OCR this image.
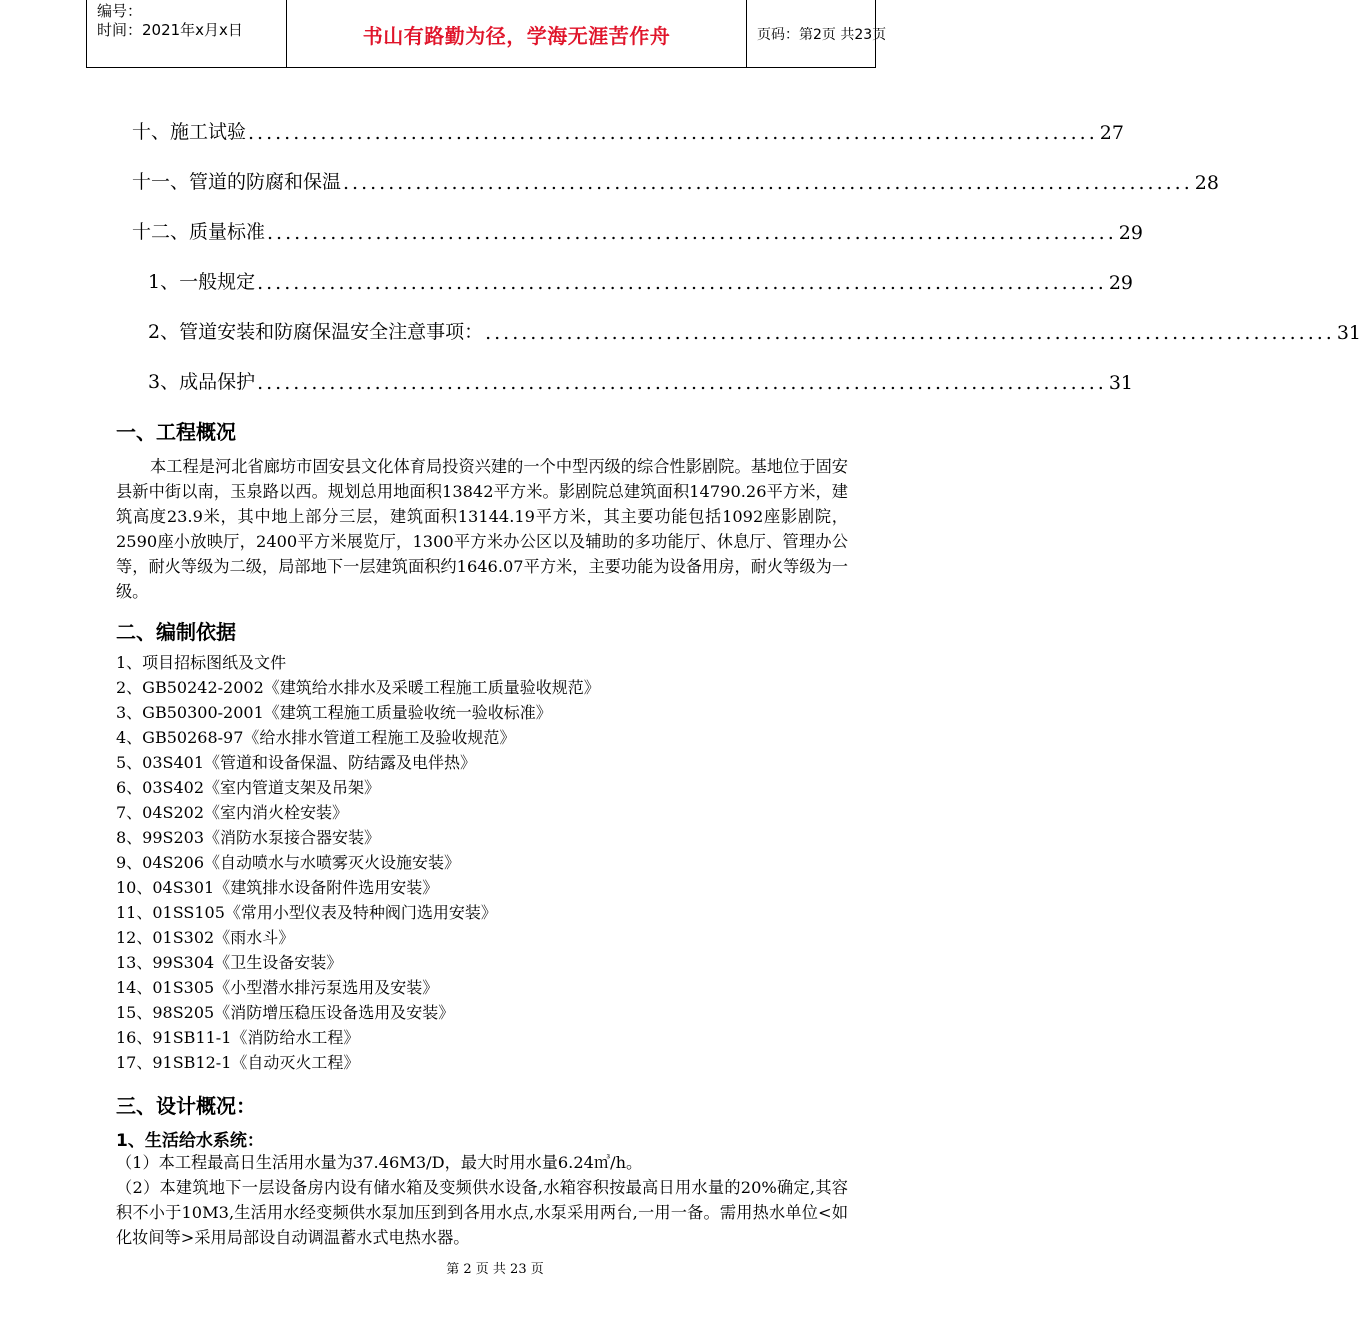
编号：
时间：2021年x月x日	书山有路勤为径，学海无涯苦作舟	页码：第2页 共23页
十、施工试验 .............................................................................................. 27
十一、管道的防腐和保温 .............................................................................................. 28
十二、质量标准 .............................................................................................. 29
1、一般规定 .............................................................................................. 29
2、管道安装和防腐保温安全注意事项： .............................................................................................. 31
3、成品保护 .............................................................................................. 31
一、工程概况

本工程是河北省廊坊市固安县文化体育局投资兴建的一个中型丙级的综合性影剧院。基地位于固安县新中街以南，玉泉路以西。规划总用地面积13842平方米。影剧院总建筑面积14790.26平方米，建筑高度23.9米，其中地上部分三层，建筑面积13144.19平方米，其主要功能包括1092座影剧院，2590座小放映厅，2400平方米展览厅，1300平方米办公区以及辅助的多功能厅、休息厅、管理办公等，耐火等级为二级，局部地下一层建筑面积约1646.07平方米，主要功能为设备用房，耐火等级为一级。

二、编制依据
1、项目招标图纸及文件
2、GB50242-2002《建筑给水排水及采暖工程施工质量验收规范》
3、GB50300-2001《建筑工程施工质量验收统一验收标准》
4、GB50268-97《给水排水管道工程施工及验收规范》
5、03S401《管道和设备保温、防结露及电伴热》
6、03S402《室内管道支架及吊架》
7、04S202《室内消火栓安装》
8、99S203《消防水泵接合器安装》
9、04S206《自动喷水与水喷雾灭火设施安装》
10、04S301《建筑排水设备附件选用安装》
11、01SS105《常用小型仪表及特种阀门选用安装》
12、01S302《雨水斗》
13、99S304《卫生设备安装》
14、01S305《小型潜水排污泵选用及安装》
15、98S205《消防增压稳压设备选用及安装》
16、91SB11-1《消防给水工程》
17、91SB12-1《自动灭火工程》
三、设计概况：
1、生活给水系统：

（1）本工程最高日生活用水量为37.46M3/D，最大时用水量6.24㎥/h。

（2）本建筑地下一层设备房内设有储水箱及变频供水设备,水箱容积按最高日用水量的20%确定,其容积不小于10M3,生活用水经变频供水泵加压到到各用水点,水泵采用两台,一用一备。需用热水单位<如化妆间等>采用局部设自动调温蓄水式电热水器。

第 2 页 共 23 页
